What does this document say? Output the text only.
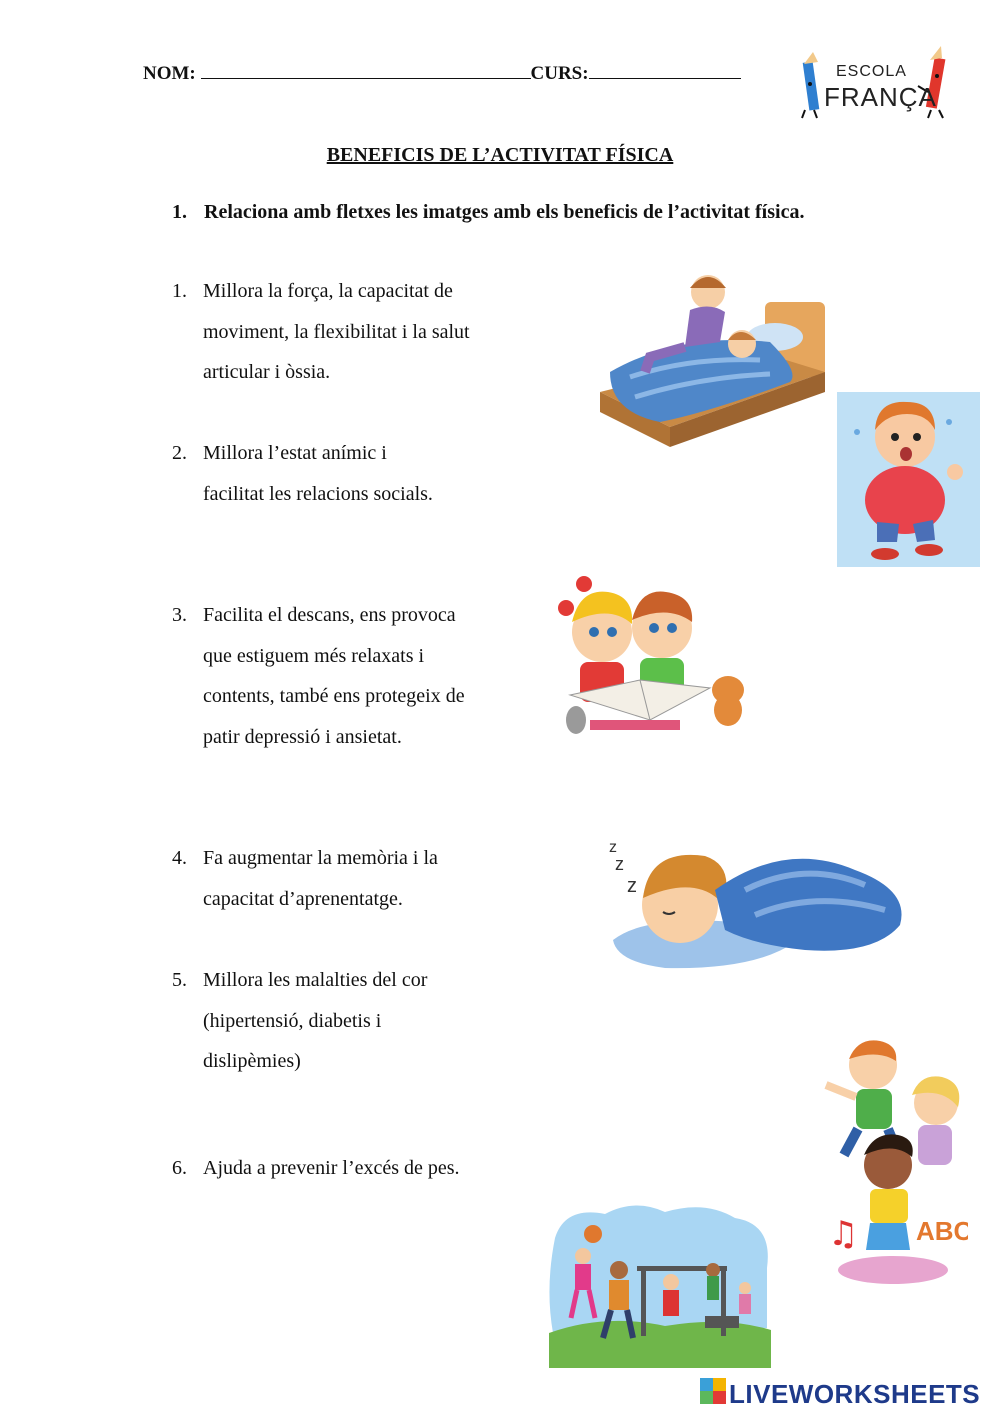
NOM:	CURS:	ESCOLA
FRANÇA
BENEFICIS DE L’ACTIVITAT FÍSICA
1. Relaciona amb fletxes les imatges amb els beneficis de l’activitat física.
1. Millora la força, la capacitat de moviment, la flexibilitat i la salut articular i òssia.
2. Millora l’estat anímic i facilitat les relacions socials.
3. Facilita el descans, ens provoca que estiguem més relaxats i contents, també ens protegeix de patir depressió i ansietat.
4. Fa augmentar la memòria i la capacitat d’aprenentatge.
5. Millora les malalties del cor (hipertensió, diabetis i dislipèmies)
6. Ajuda a prevenir l’excés de pes.
z
z
z
ABC
♫
LIVEWORKSHEETS
